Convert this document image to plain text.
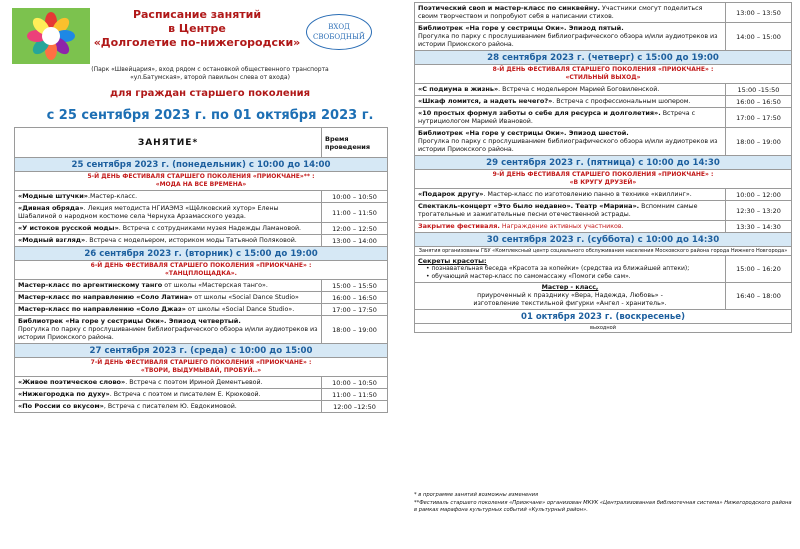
Расписание занятий
в Центре
«Долголетие по-нижегородски»
ВХОД
СВОБОДНЫЙ
(Парк «Швейцария», вход рядом с остановкой общественного транспорта «ул.Батумская», второй павильон слева от входа)
для граждан старшего поколения
с 25 сентября 2023 г. по 01 октября 2023 г.
ЗАНЯТИЕ*	Время проведения
25 сентября 2023 г. (понедельник) с 10:00 до 14:00	

5-Й ДЕНЬ ФЕСТИВАЛЯ СТАРШЕГО ПОКОЛЕНИЯ «ПРИОКЧАНЕ»** :
«МОДА НА ВСЕ ВРЕМЕНА»	

«Модные штучки».Мастер-класс.	10:00 – 10:50
«Дивная обряда». Лекция методиста НГИАЭМЗ «Щёлковский хутор» Елены Шабалиной о народном костюме села Чернуха Арзамасского уезда.	11:00 – 11:50
«У истоков русской моды». Встреча с сотрудниками музея Надежды Ламановой.	12:00 – 12:50
«Модный взгляд». Встреча с модельером, историком моды Татьяной Поляковой.	13:00 – 14:00
26 сентября 2023 г. (вторник) с 15:00 до 19:00	

6-Й ДЕНЬ ФЕСТИВАЛЯ СТАРШЕГО ПОКОЛЕНИЯ «ПРИОКЧАНЕ» :
«ТАНЦПЛОЩАДКА».	

Мастер-класс по аргентинскому танго от школы «Мастерская танго».	15:00 – 15:50
Мастер-класс по направлению «Соло Латина» от школы «Social Dance Studio»	16:00 – 16:50
Мастер-класс по направлению «Соло Джаз» от школы «Social Dance Studio».	17:00 – 17:50
Библиотрек «На горе у сестрицы Оки». Эпизод четвертый.
Прогулка по парку с прослушиванием библиографического обзора и/или аудиотреков из истории Приокского района.	18:00 – 19:00
27 сентября 2023 г. (среда) с 10:00 до 15:00	

7-Й ДЕНЬ ФЕСТИВАЛЯ СТАРШЕГО ПОКОЛЕНИЯ «ПРИОКЧАНЕ» :
«ТВОРИ, ВЫДУМЫВАЙ, ПРОБУЙ..»	

«Живое поэтическое слово». Встреча с поэтом Ириной Дементьевой.	10:00 – 10:50
«Нижегородка по духу». Встреча с поэтом и писателем Е. Крюковой.	11:00 – 11:50
«По России со вкусом», Встреча с писателем Ю. Евдокимовой.	12:00 –12:50
Поэтический своп и мастер-класс по синквейну. Участники смогут поделиться своим творчеством и попробуют себя в написании стихов.	13:00 – 13:50
Библиотрек «На горе у сестрицы Оки». Эпизод пятый.
Прогулка по парку с прослушиванием библиографического обзора и/или аудиотреков из истории Приокского района.	14:00 – 15:00
28 сентября 2023 г. (четверг) с 15:00 до 19:00	

8-Й ДЕНЬ ФЕСТИВАЛЯ СТАРШЕГО ПОКОЛЕНИЯ «ПРИОКЧАНЕ» :
«СТИЛЬНЫЙ ВЫХОД»	

«С подиума в жизнь». Встреча с модельером Марией Боговиленской.	15:00 -15:50
«Шкаф ломится, а надеть нечего?». Встреча с профессиональным шопером.	16:00 – 16:50
«10 простых формул заботы о себе для ресурса и долголетия». Встреча с нутрициологом Марией Ивановой.	17:00 – 17:50
Библиотрек «На горе у сестрицы Оки». Эпизод шестой.
Прогулка по парку с прослушиванием библиографического обзора и/или аудиотреков из истории Приокского района.	18:00 – 19:00
29 сентября 2023 г. (пятница) с 10:00 до 14:30	

9-Й ДЕНЬ ФЕСТИВАЛЯ СТАРШЕГО ПОКОЛЕНИЯ «ПРИОКЧАНЕ» :
«В КРУГУ ДРУЗЕЙ»	

«Подарок другу». Мастер-класс по изготовлению панно в технике «квиллинг».	10:00 – 12:00
Спектакль-концерт «Это было недавно». Театр «Марина». Вспомним самые трогательные и зажигательные песни отечественной эстрады.	12:30 – 13:20
Закрытие фестиваля. Награждение активных участников.	13:30 – 14:30
30 сентября 2023 г. (суббота) с 10:00 до 14:30	
Занятия организованы ГБУ «Комплексный центр социального обслуживания населения Московского района города Нижнего Новгорода»	

Секреты красоты:
• познавательная беседа «Красота за копейки» (средства из ближайшей аптеки);
• обучающий мастер-класс по самомассажу «Помоги себе сам».	15:00 – 16:20

Мастер - класс,
приуроченный к празднику «Вера, Надежда, Любовь» -
изготовление текстильной фигурки «Ангел - хранитель».	16:40 – 18:00
01 октября 2023 г. (воскресенье)	
выходной	
* в программе занятий возможны изменения
**Фестиваль старшего поколения «Приокчане» организован МКУК «Централизованная библиотечная система» Нижегородского района в рамках марафона культурных событий «Культурный район».
